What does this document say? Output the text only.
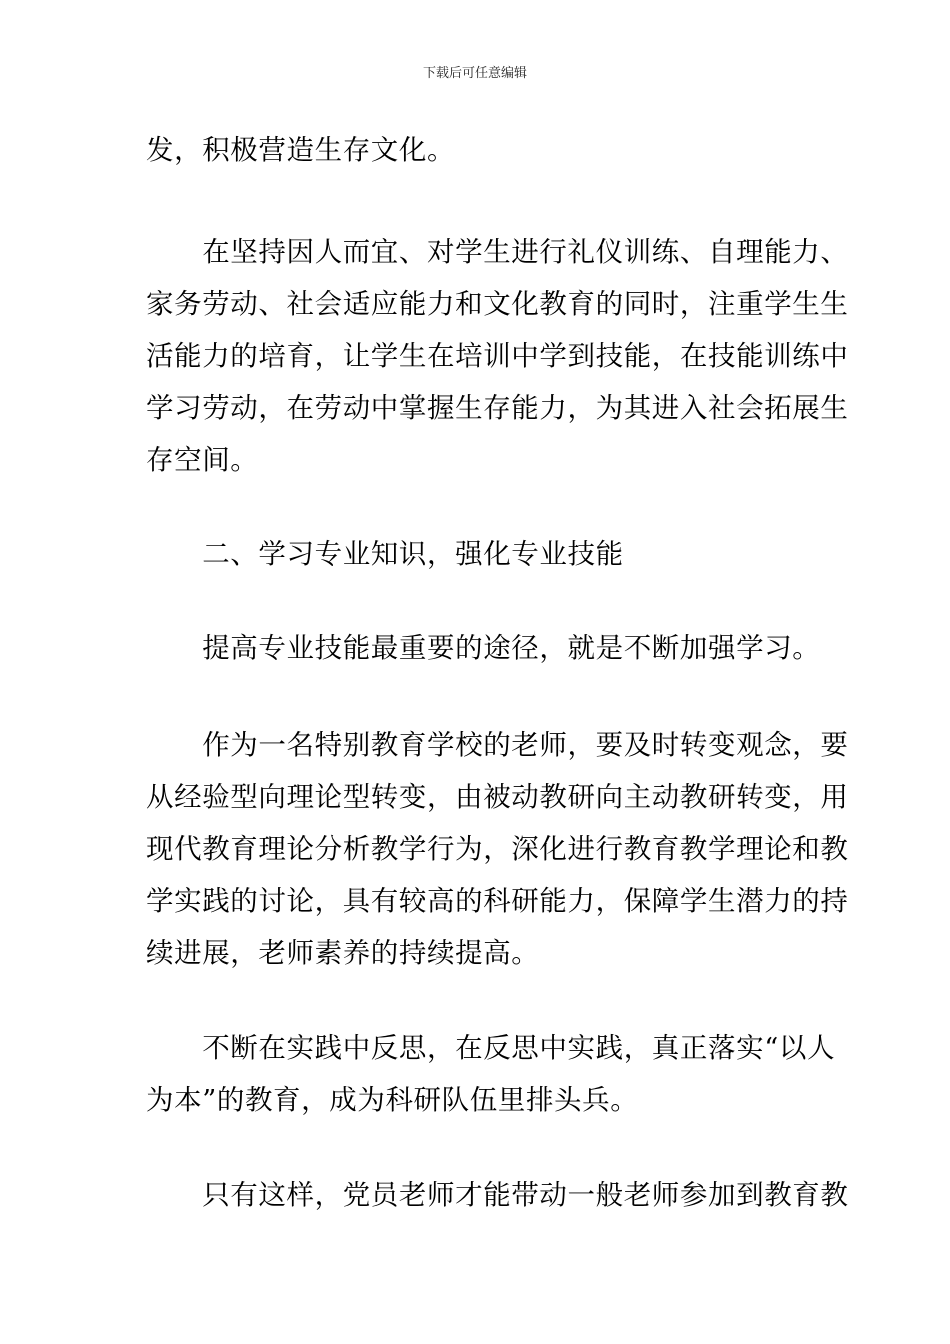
下载后可任意编辑
发，积极营造生存文化。
　　在坚持因人而宜、对学生进行礼仪训练、自理能力、
家务劳动、社会适应能力和文化教育的同时，注重学生生
活能力的培育，让学生在培训中学到技能，在技能训练中
学习劳动，在劳动中掌握生存能力，为其进入社会拓展生
存空间。
　　二、学习专业知识，强化专业技能
　　提高专业技能最重要的途径，就是不断加强学习。
　　作为一名特别教育学校的老师，要及时转变观念，要
从经验型向理论型转变，由被动教研向主动教研转变，用
现代教育理论分析教学行为，深化进行教育教学理论和教
学实践的讨论，具有较高的科研能力，保障学生潜力的持
续进展，老师素养的持续提高。
　　不断在实践中反思，在反思中实践，真正落实“以人
为本”的教育，成为科研队伍里排头兵。
　　只有这样，党员老师才能带动一般老师参加到教育教
